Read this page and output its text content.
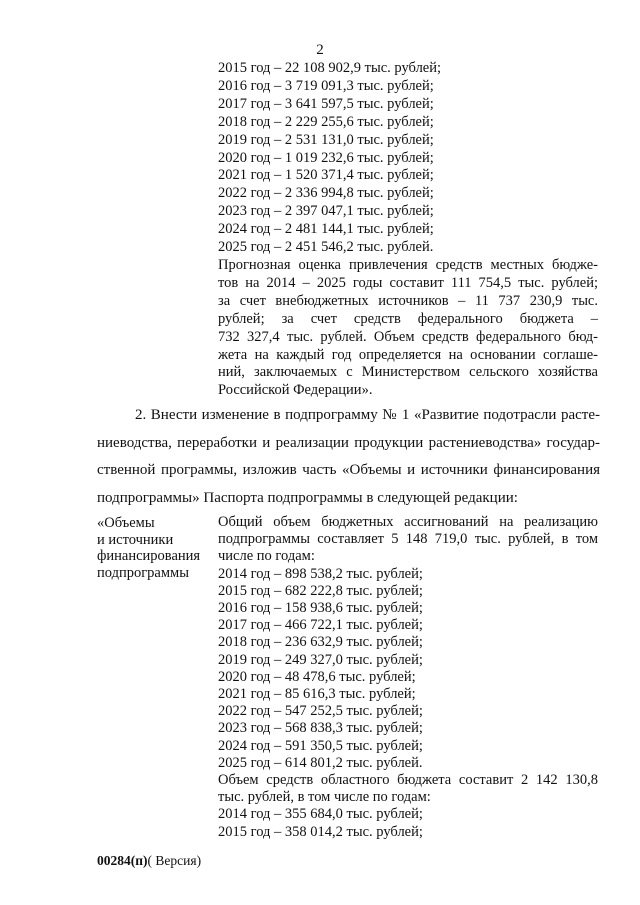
2
2015 год – 22 108 902,9 тыс. рублей;
2016 год – 3 719 091,3 тыс. рублей;
2017 год – 3 641 597,5 тыс. рублей;
2018 год – 2 229 255,6 тыс. рублей;
2019 год – 2 531 131,0 тыс. рублей;
2020 год – 1 019 232,6 тыс. рублей;
2021 год – 1 520 371,4 тыс. рублей;
2022 год – 2 336 994,8 тыс. рублей;
2023 год – 2 397 047,1 тыс. рублей;
2024 год – 2 481 144,1 тыс. рублей;
2025 год – 2 451 546,2 тыс. рублей.
Прогнозная оценка привлечения средств местных бюдже-
тов на 2014 – 2025 годы составит 111 754,5 тыс. рублей;
за счет внебюджетных источников – 11 737 230,9 тыс.
рублей; за счет средств федерального бюджета –
732 327,4 тыс. рублей. Объем средств федерального бюд-
жета на каждый год определяется на основании соглаше-
ний, заключаемых с Министерством сельского хозяйства
Российской Федерации».
2. Внести изменение в подпрограмму № 1 «Развитие подотрасли расте-
ниеводства, переработки и реализации продукции растениеводства» государ-
ственной программы, изложив часть «Объемы и источники финансирования
подпрограммы» Паспорта подпрограммы в следующей редакции:
«Объемы
и источники
финансирования
подпрограммы
Общий объем бюджетных ассигнований на реализацию
подпрограммы составляет 5 148 719,0 тыс. рублей, в том
числе по годам:
2014 год – 898 538,2 тыс. рублей;
2015 год – 682 222,8 тыс. рублей;
2016 год – 158 938,6 тыс. рублей;
2017 год – 466 722,1 тыс. рублей;
2018 год – 236 632,9 тыс. рублей;
2019 год – 249 327,0 тыс. рублей;
2020 год – 48 478,6 тыс. рублей;
2021 год – 85 616,3 тыс. рублей;
2022 год – 547 252,5 тыс. рублей;
2023 год – 568 838,3 тыс. рублей;
2024 год – 591 350,5 тыс. рублей;
2025 год – 614 801,2 тыс. рублей.
Объем средств областного бюджета составит 2 142 130,8
тыс. рублей, в том числе по годам:
2014 год – 355 684,0 тыс. рублей;
2015 год – 358 014,2 тыс. рублей;
00284(п)( Версия)
